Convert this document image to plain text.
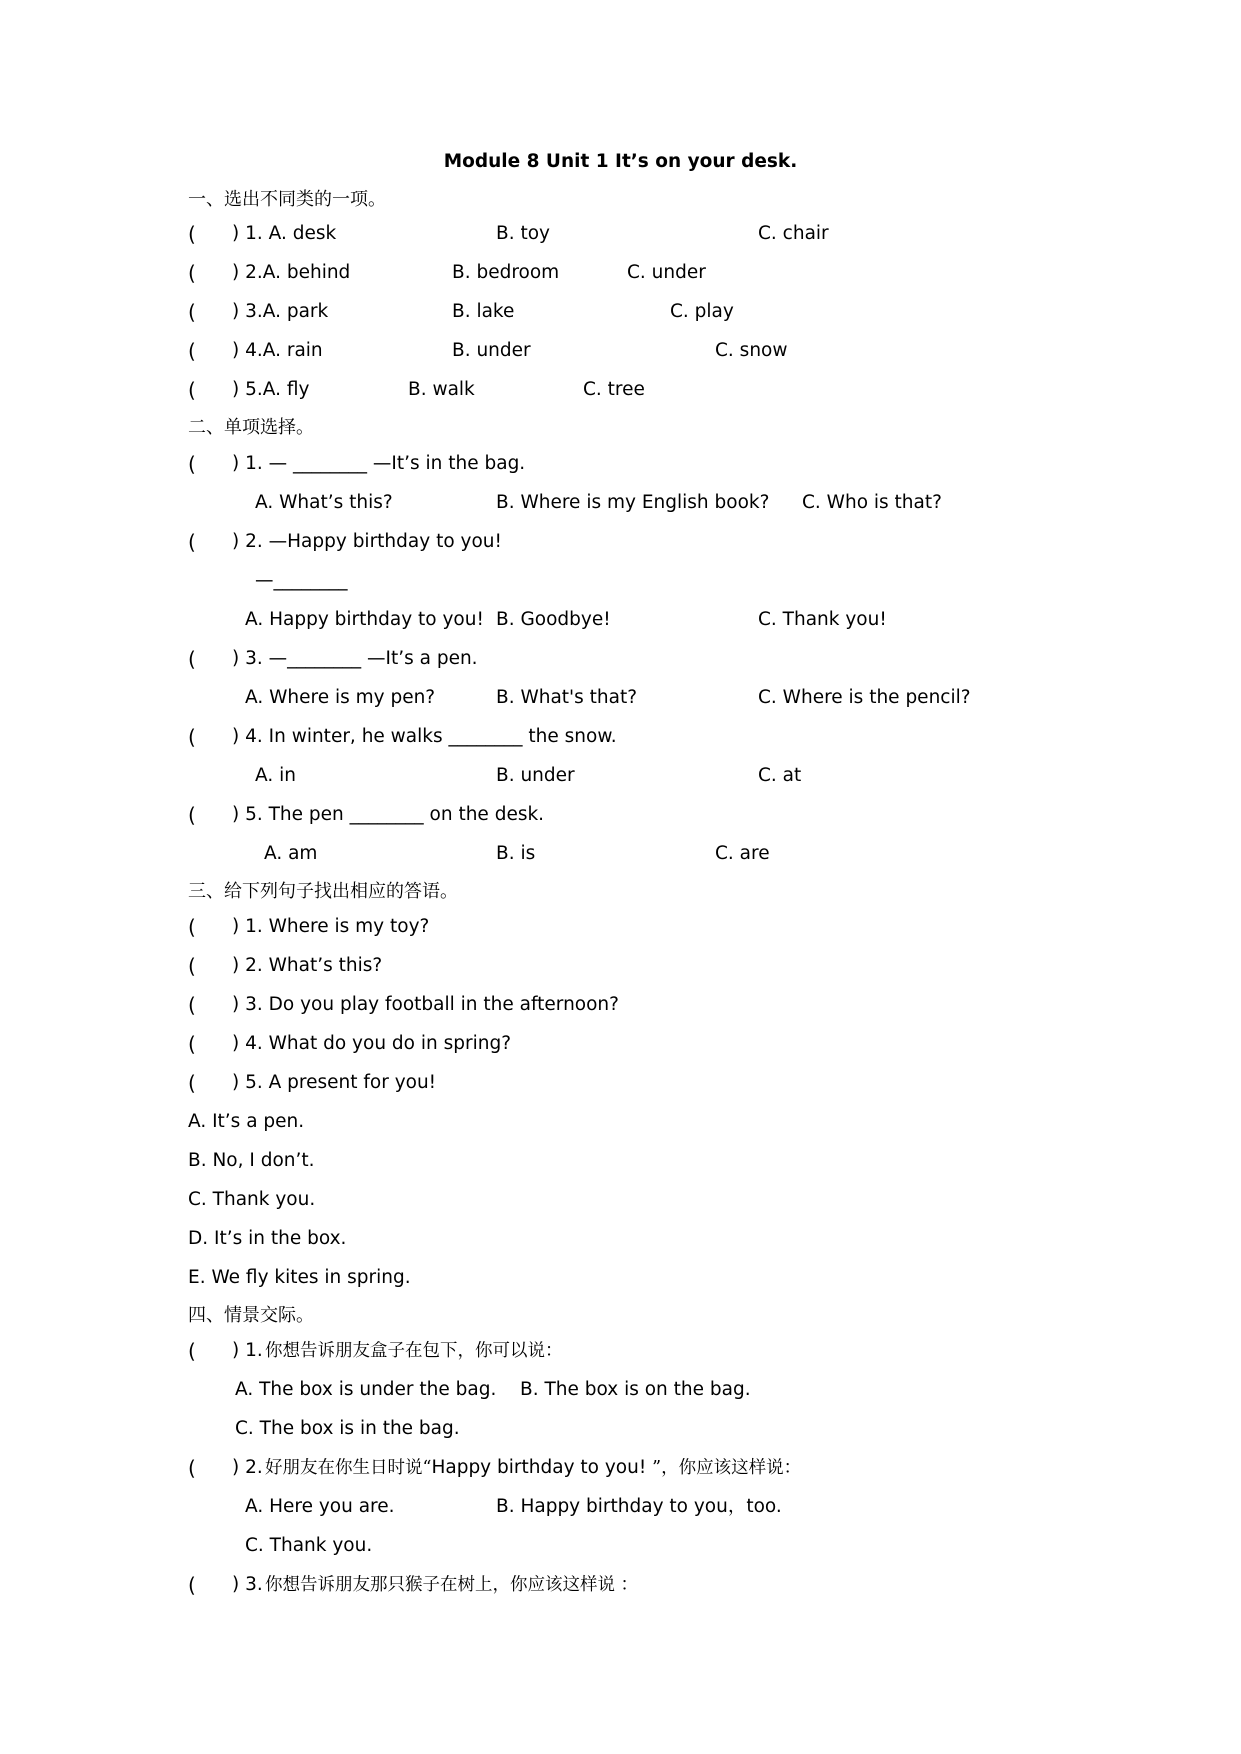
Module 8 Unit 1 It’s on your desk.
一、选出不同类的一项。
( ) 1. A. desk	B. toy	C. chair
( ) 2.A. behind	B. bedroom	C. under
( ) 3.A. park	B. lake	C. play
( ) 4.A. rain	B. under	C. snow
( ) 5.A. fly	B. walk	C. tree
二、单项选择。
( ) 1. — ________ —It’s in the bag.
A. What’s this?	B. Where is my English book? C. Who is that?
( ) 2. —Happy birthday to you!
—________
A. Happy birthday to you! B. Goodbye!	C. Thank you!
( ) 3. —________ —It’s a pen.
A. Where is my pen?	B. What's that?	C. Where is the pencil?
( ) 4. In winter, he walks ________ the snow.
A. in	B. under	C. at
( ) 5. The pen ________ on the desk.
A. am	B. is	C. are
三、给下列句子找出相应的答语。
( ) 1. Where is my toy?
( ) 2. What’s this?
( ) 3. Do you play football in the afternoon?
( ) 4. What do you do in spring?
( ) 5. A present for you!
A. It’s a pen.
B. No, I don’t.
C. Thank you.
D. It’s in the box.
E. We fly kites in spring.
四、情景交际。
( ) 1. 你想告诉朋友盒子在包下，你可以说：
A. The box is under the bag. B. The box is on the bag.
C. The box is in the bag.
( ) 2. 好朋友在你生日时说“Happy birthday to you! ”，你应该这样说：
A. Here you are.	B. Happy birthday to you，too.
C. Thank you.
( ) 3. 你想告诉朋友那只猴子在树上，你应该这样说 ：
